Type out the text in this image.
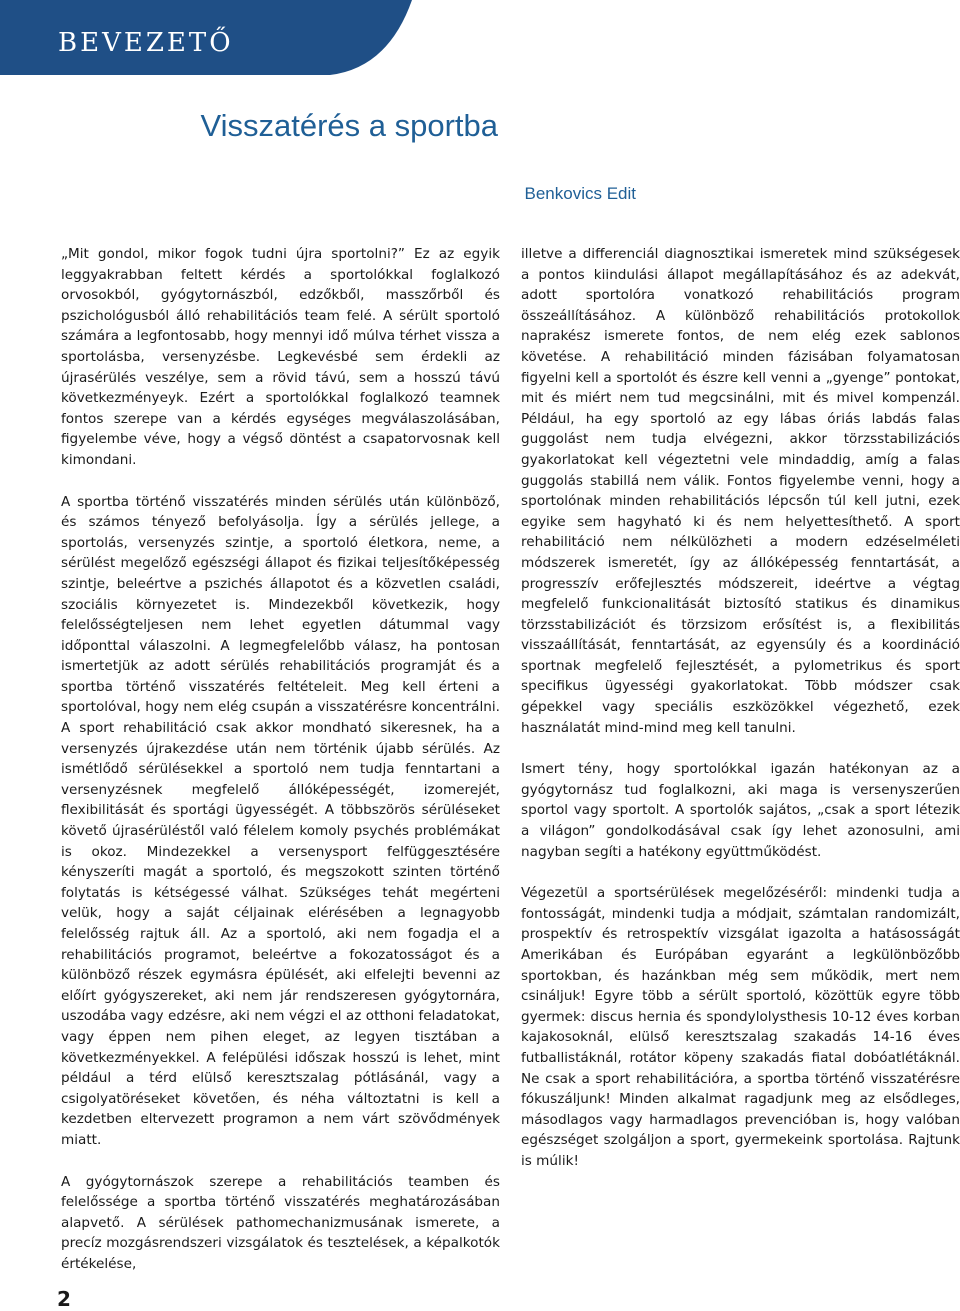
BEVEZETŐ
Visszatérés a sportba

Benkovics Edit

„Mit gondol, mikor fogok tudni újra sportolni?” Ez az egyik leggyakrabban feltett kérdés a sportolókkal foglalkozó orvosokból, gyógytornászból, edzőkből, masszőrből és pszichológusból álló rehabilitációs team felé. A sérült sportoló számára a legfontosabb, hogy mennyi idő múlva térhet vissza a sportolásba, versenyzésbe. Legkevésbé sem érdekli az újrasérülés veszélye, sem a rövid távú, sem a hosszú távú következményeyk. Ezért a sportolókkal foglalkozó teamnek fontos szerepe van a kérdés egységes megválaszolásában, figyelembe véve, hogy a végső döntést a csapatorvosnak kell kimondani.

A sportba történő visszatérés minden sérülés után különböző, és számos tényező befolyásolja. Így a sérülés jellege, a sportolás, versenyzés szintje, a sportoló életkora, neme, a sérülést megelőző egészségi állapot és fizikai teljesítőképesség szintje, beleértve a pszichés állapotot és a közvetlen családi, szociális környezetet is. Mindezekből következik, hogy felelősségteljesen nem lehet egyetlen dátummal vagy időponttal válaszolni. A legmegfelelőbb válasz, ha pontosan ismertetjük az adott sérülés rehabilitációs programját és a sportba történő visszatérés feltételeit. Meg kell érteni a sportolóval, hogy nem elég csupán a visszatérésre koncentrálni. A sport rehabilitáció csak akkor mondható sikeresnek, ha a versenyzés újrakezdése után nem történik újabb sérülés. Az ismétlődő sérülésekkel a sportoló nem tudja fenntartani a versenyzésnek megfelelő állóképességét, izomerejét, flexibilitását és sportági ügyességét. A többszörös sérüléseket követő újrasérüléstől való félelem komoly psychés problémákat is okoz. Mindezekkel a versenysport felfüggesztésére kényszeríti magát a sportoló, és megszokott szinten történő folytatás is kétségessé válhat. Szükséges tehát megérteni velük, hogy a saját céljainak elérésében a legnagyobb felelősség rajtuk áll. Az a sportoló, aki nem fogadja el a rehabilitációs programot, beleértve a fokozatosságot és a különböző részek egymásra épülését, aki elfelejti bevenni az előírt gyógyszereket, aki nem jár rendszeresen gyógytornára, uszodába vagy edzésre, aki nem végzi el az otthoni feladatokat, vagy éppen nem pihen eleget, az legyen tisztában a következményekkel. A felépülési időszak hosszú is lehet, mint például a térd elülső keresztszalag pótlásánál, vagy a csigolyatöréseket követően, és néha változtatni is kell a kezdetben eltervezett programon a nem várt szövődmények miatt.

A gyógytornászok szerepe a rehabilitációs teamben és felelőssége a sportba történő visszatérés meghatározásában alapvető. A sérülések pathomechanizmusának ismerete, a precíz mozgásrendszeri vizsgálatok és tesztelések, a képalkotók értékelése,

illetve a differenciál diagnosztikai ismeretek mind szükségesek a pontos kiindulási állapot megállapításához és az adekvát, adott sportolóra vonatkozó rehabilitációs program összeállításához. A különböző rehabilitációs protokollok naprakész ismerete fontos, de nem elég ezek sablonos követése. A rehabilitáció minden fázisában folyamatosan figyelni kell a sportolót és észre kell venni a „gyenge” pontokat, mit és miért nem tud megcsinálni, mit és mivel kompenzál. Például, ha egy sportoló az egy lábas óriás labdás falas guggolást nem tudja elvégezni, akkor törzsstabilizációs gyakorlatokat kell végeztetni vele mindaddig, amíg a falas guggolás stabillá nem válik. Fontos figyelembe venni, hogy a sportolónak minden rehabilitációs lépcsőn túl kell jutni, ezek egyike sem hagyható ki és nem helyettesíthető. A sport rehabilitáció nem nélkülözheti a modern edzéselméleti módszerek ismeretét, így az állóképesség fenntartását, a progresszív erőfejlesztés módszereit, ideértve a végtag megfelelő funkcionalitását biztosító statikus és dinamikus törzsstabilizációt és törzsizom erősítést is, a flexibilitás visszaállítását, fenntartását, az egyensúly és a koordináció sportnak megfelelő fejlesztését, a pylometrikus és sport specifikus ügyességi gyakorlatokat. Több módszer csak gépekkel vagy speciális eszközökkel végezhető, ezek használatát mind-mind meg kell tanulni.

Ismert tény, hogy sportolókkal igazán hatékonyan az a gyógytornász tud foglalkozni, aki maga is versenyszerűen sportol vagy sportolt. A sportolók sajátos, „csak a sport létezik a világon” gondolkodásával csak így lehet azonosulni, ami nagyban segíti a hatékony együttműködést.

Végezetül a sportsérülések megelőzéséről: mindenki tudja a fontosságát, mindenki tudja a módjait, számtalan randomizált, prospektív és retrospektív vizsgálat igazolta a hatásosságát Amerikában és Európában egyaránt a legkülönbözőbb sportokban, és hazánkban még sem működik, mert nem csináljuk! Egyre több a sérült sportoló, közöttük egyre több gyermek: discus hernia és spondylolysthesis 10-12 éves korban kajakosoknál, elülső keresztszalag szakadás 14-16 éves futballistáknál, rotátor köpeny szakadás fiatal dobóatlétáknál. Ne csak a sport rehabilitációra, a sportba történő visszatérésre fókuszáljunk! Minden alkalmat ragadjunk meg az elsődleges, másodlagos vagy harmadlagos prevencióban is, hogy valóban egészséget szolgáljon a sport, gyermekeink sportolása. Rajtunk is múlik!

2
